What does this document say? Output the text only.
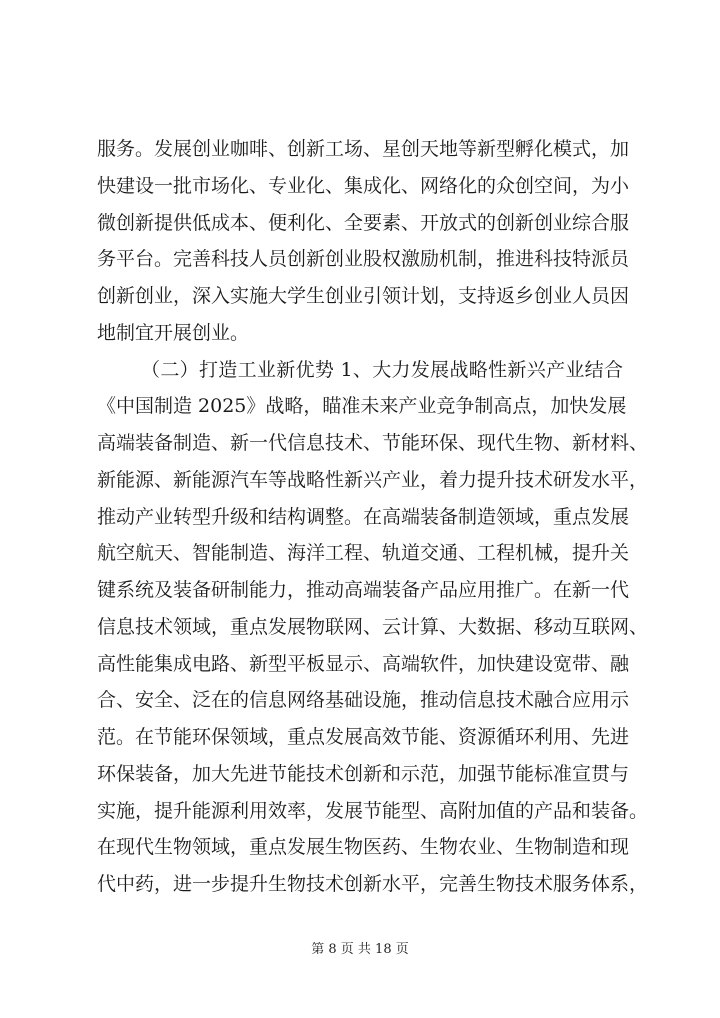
服务。发展创业咖啡、创新工场、星创天地等新型孵化模式，加
快建设一批市场化、专业化、集成化、网络化的众创空间，为小
微创新提供低成本、便利化、全要素、开放式的创新创业综合服
务平台。完善科技人员创新创业股权激励机制，推进科技特派员
创新创业，深入实施大学生创业引领计划，支持返乡创业人员因
地制宜开展创业。
（二）打造工业新优势 1、大力发展战略性新兴产业结合
《中国制造 2025》战略，瞄准未来产业竞争制高点，加快发展
高端装备制造、新一代信息技术、节能环保、现代生物、新材料、
新能源、新能源汽车等战略性新兴产业，着力提升技术研发水平，
推动产业转型升级和结构调整。在高端装备制造领域，重点发展
航空航天、智能制造、海洋工程、轨道交通、工程机械，提升关
键系统及装备研制能力，推动高端装备产品应用推广。在新一代
信息技术领域，重点发展物联网、云计算、大数据、移动互联网、
高性能集成电路、新型平板显示、高端软件，加快建设宽带、融
合、安全、泛在的信息网络基础设施，推动信息技术融合应用示
范。在节能环保领域，重点发展高效节能、资源循环利用、先进
环保装备，加大先进节能技术创新和示范，加强节能标准宣贯与
实施，提升能源利用效率，发展节能型、高附加值的产品和装备。
在现代生物领域，重点发展生物医药、生物农业、生物制造和现
代中药，进一步提升生物技术创新水平，完善生物技术服务体系，
第 8 页 共 18 页
